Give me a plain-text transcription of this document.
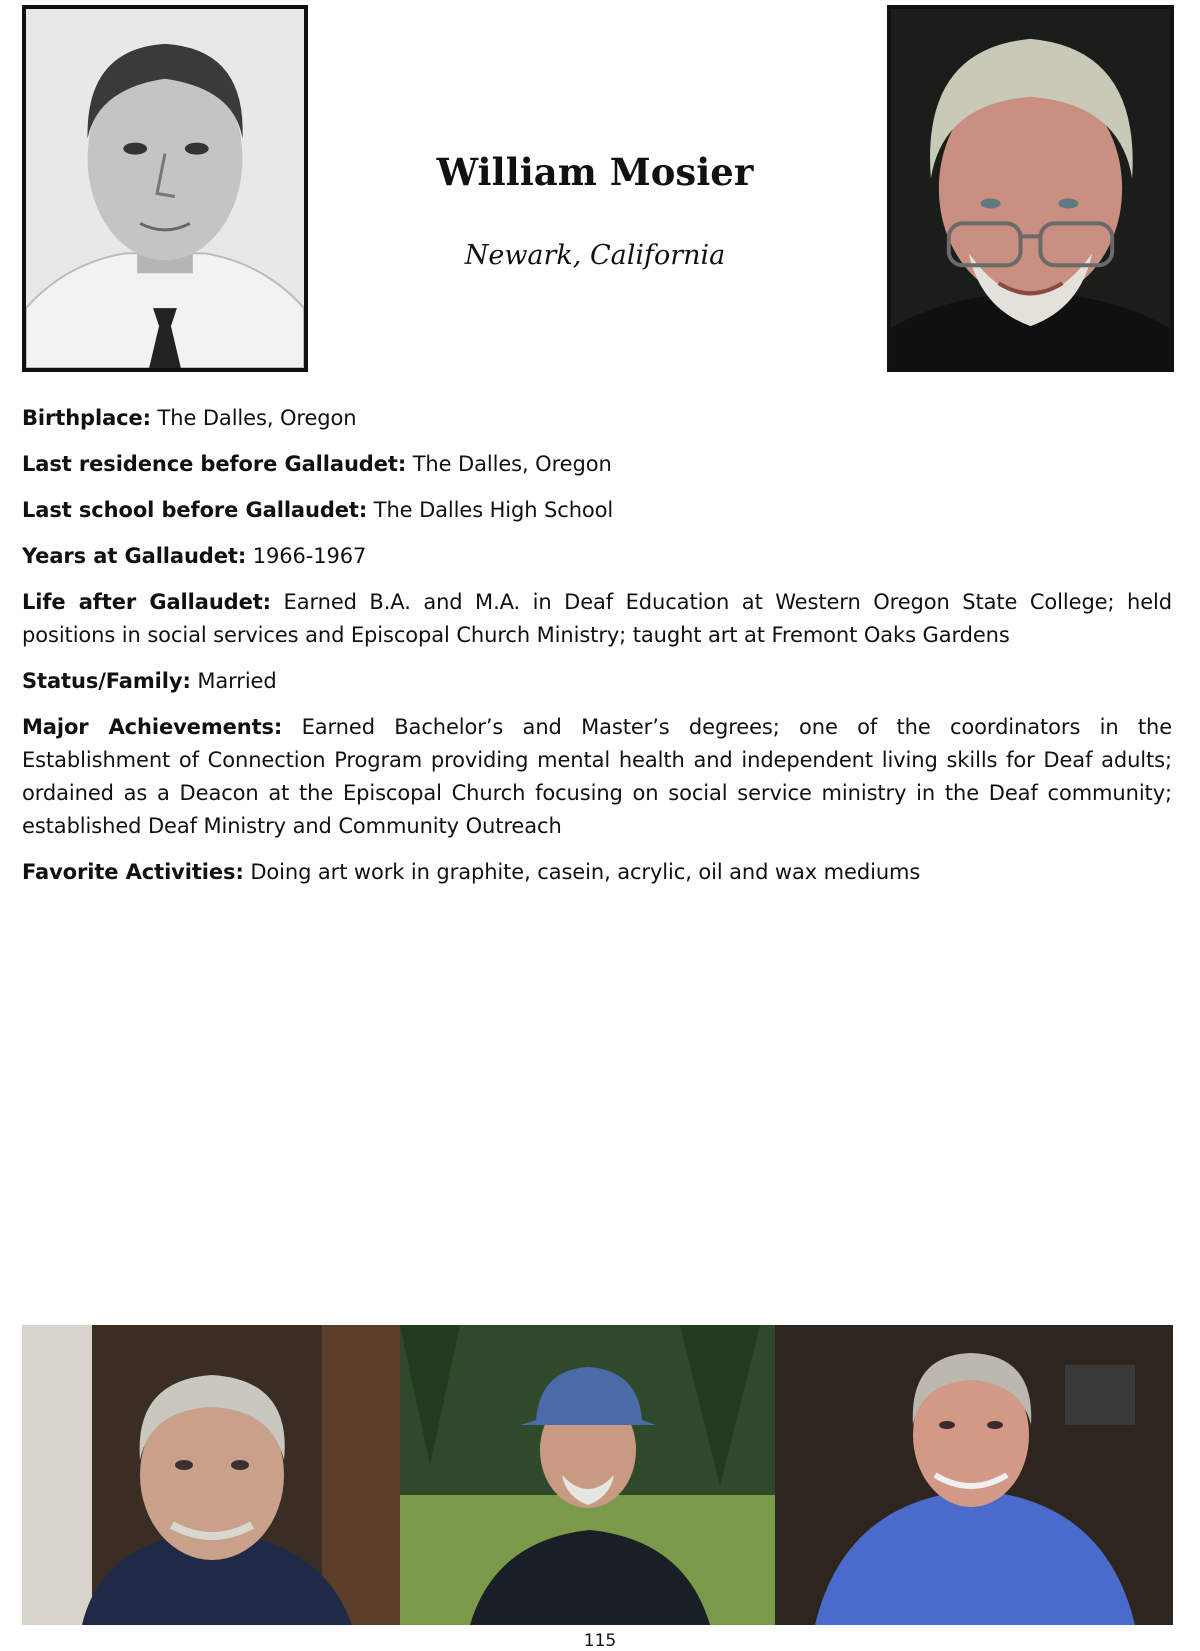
William Mosier

Newark, California

Birthplace: The Dalles, Oregon

Last residence before Gallaudet: The Dalles, Oregon

Last school before Gallaudet: The Dalles High School

Years at Gallaudet: 1966-1967

Life after Gallaudet: Earned B.A. and M.A. in Deaf Education at Western Oregon State College; held positions in social services and Episcopal Church Ministry; taught art at Fremont Oaks Gardens

Status/Family: Married

Major Achievements: Earned Bachelor’s and Master’s degrees; one of the coordinators in the Establishment of Connection Program providing mental health and independent living skills for Deaf adults; ordained as a Deacon at the Episcopal Church focusing on social service ministry in the Deaf community; established Deaf Ministry and Community Outreach

Favorite Activities: Doing art work in graphite, casein, acrylic, oil and wax mediums

115
